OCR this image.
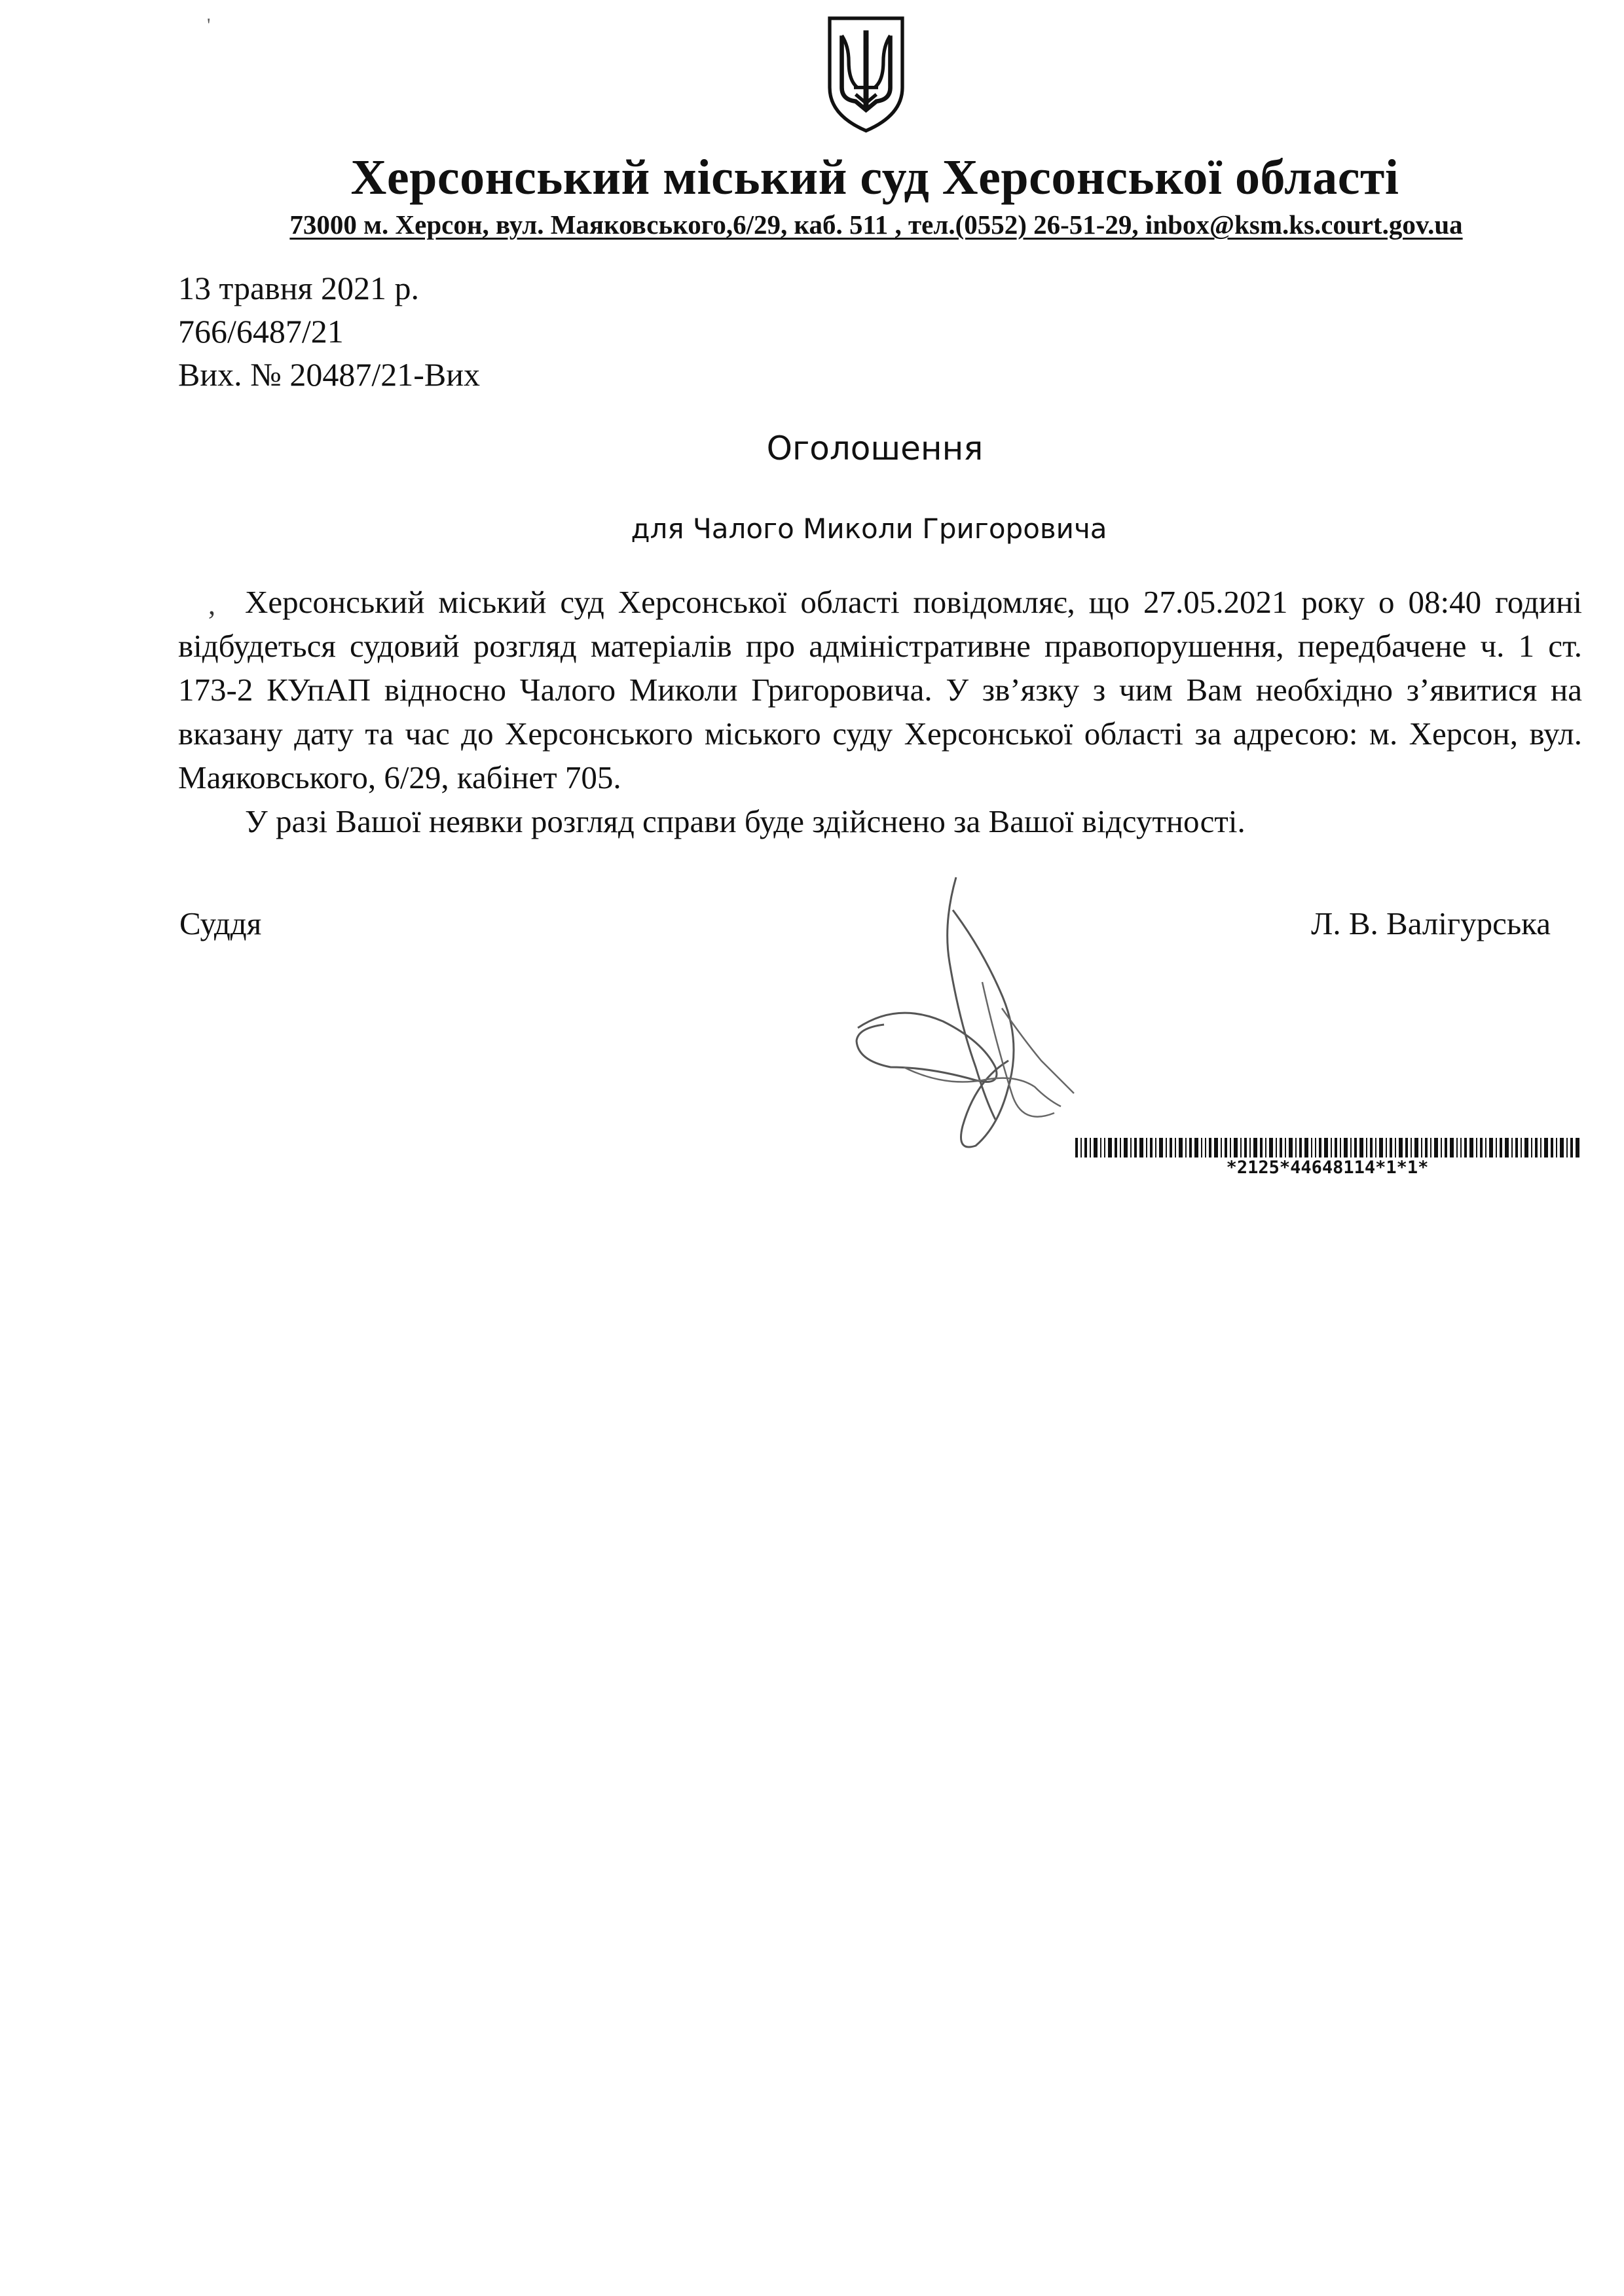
'
Херсонський міський суд Херсонської області
73000 м. Херсон, вул. Маяковського,6/29, каб. 511 , тел.(0552) 26-51-29, inbox@ksm.ks.court.gov.ua
13 травня 2021 р.
766/6487/21
Вих. № 20487/21-Вих
Оголошення
для Чалого Миколи Григоровича
, Херсонський міський суд Херсонської області повідомляє, що 27.05.2021 року о 08:40 годині відбудеться судовий розгляд матеріалів про адміністративне правопорушення, передбачене ч. 1 ст. 173-2 КУпАП відносно Чалого Миколи Григоровича. У зв’язку з чим Вам необхідно з’явитися на вказану дату та час до Херсонського міського суду Херсонської області за адресою: м. Херсон, вул. Маяковського, 6/29, кабінет 705.

У разі Вашої неявки розгляд справи буде здійснено за Вашої відсутності.

Суддя	Л. В. Валігурська
*2125*44648114*1*1*
